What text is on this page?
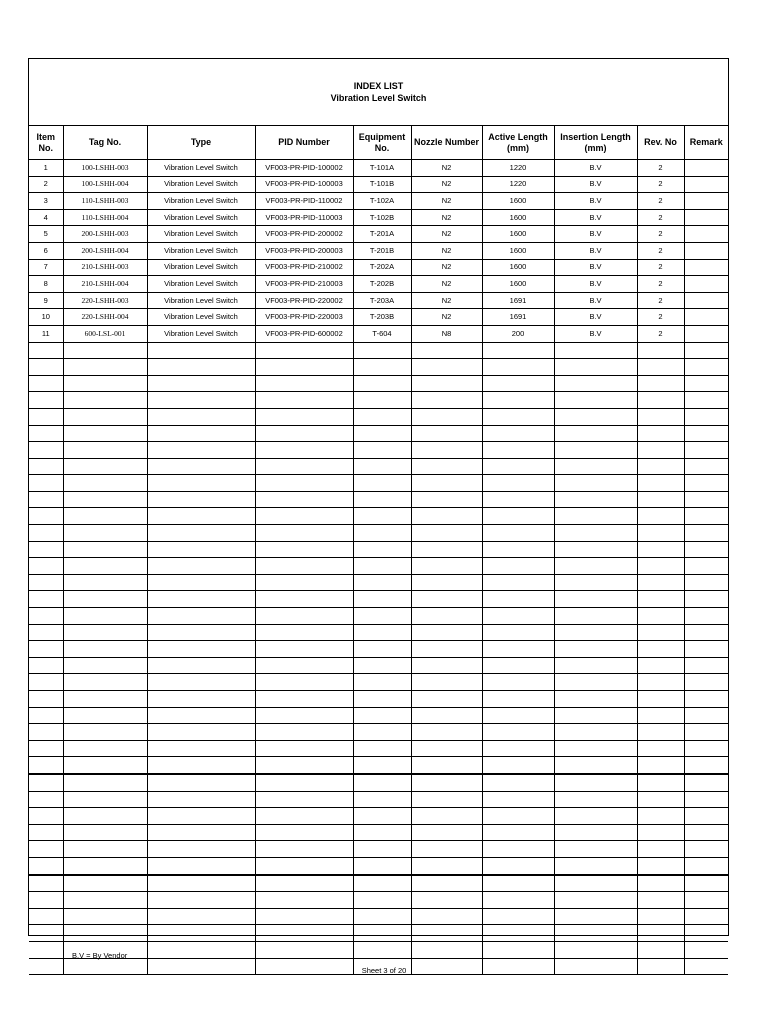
INDEX LIST
Vibration Level Switch
Item No.	Tag No.	Type	PID Number	Equipment No.	Nozzle Number	Active Length (mm)	Insertion Length (mm)	Rev. No	Remark
1	100-LSHH-003	Vibration Level Switch	VF003-PR-PID-100002	T-101A	N2	1220	B.V	2	
2	100-LSHH-004	Vibration Level Switch	VF003-PR-PID-100003	T-101B	N2	1220	B.V	2	
3	110-LSHH-003	Vibration Level Switch	VF003-PR-PID-110002	T-102A	N2	1600	B.V	2	
4	110-LSHH-004	Vibration Level Switch	VF003-PR-PID-110003	T-102B	N2	1600	B.V	2	
5	200-LSHH-003	Vibration Level Switch	VF003-PR-PID-200002	T-201A	N2	1600	B.V	2	
6	200-LSHH-004	Vibration Level Switch	VF003-PR-PID-200003	T-201B	N2	1600	B.V	2	
7	210-LSHH-003	Vibration Level Switch	VF003-PR-PID-210002	T-202A	N2	1600	B.V	2	
8	210-LSHH-004	Vibration Level Switch	VF003-PR-PID-210003	T-202B	N2	1600	B.V	2	
9	220-LSHH-003	Vibration Level Switch	VF003-PR-PID-220002	T-203A	N2	1691	B.V	2	
10	220-LSHH-004	Vibration Level Switch	VF003-PR-PID-220003	T-203B	N2	1691	B.V	2	
11	600-LSL-001	Vibration Level Switch	VF003-PR-PID-600002	T-604	N8	200	B.V	2	

B.V = By Vendor
Sheet 3 of 20
